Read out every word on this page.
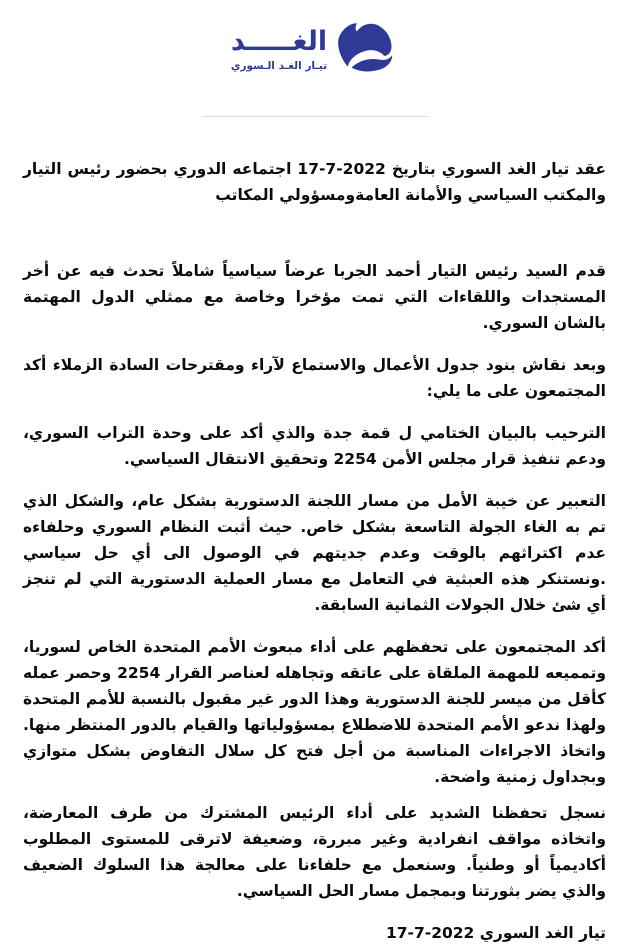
الغـــــد
تيـار الغـد الـسوري

عقد تيار الغد السوري بتاريخ 2022-7-17 اجتماعه الدوري بحضور رئيس التيار والمكتب السياسي والأمانة العامةومسؤولي المكاتب

قدم السيد رئيس التيار أحمد الجربا عرضاً سياسياً شاملاً تحدث فيه عن أخر المستجدات واللقاءات التي تمت مؤخرا وخاصة مع ممثلي الدول المهتمة بالشان السوري.

وبعد نقاش بنود جدول الأعمال والاستماع لآراء ومقترحات السادة الزملاء أكد المجتمعون على ما يلي:

الترحيب بالبيان الختامي ل قمة جدة والذي أكد على وحدة التراب السوري، ودعم تنفيذ قرار مجلس الأمن 2254 وتحقيق الانتقال السياسي.

التعبير عن خيبة الأمل من مسار اللجنة الدستورية بشكل عام، والشكل الذي تم به الغاء الجولة التاسعة بشكل خاص. حيث أثبت النظام السوري وحلفاءه عدم اكتراثهم بالوقت وعدم جديتهم في الوصول الى أي حل سياسي .ونستنكر هذه العبثية في التعامل مع مسار العملية الدستورية التي لم تنجز أي شئ خلال الجولات الثمانية السابقة.

أكد المجتمعون على تحفظهم على أداء مبعوث الأمم المتحدة الخاص لسوريا، وتمميعه للمهمة الملقاة على عاتقه وتجاهله لعناصر القرار 2254 وحصر عمله كأقل من ميسر للجنة الدستورية وهذا الدور غير مقبول بالنسبة للأمم المتحدة ولهذا ندعو الأمم المتحدة للاضطلاع بمسؤولياتها والقيام بالدور المنتظر منها. واتخاذ الاجراءات المناسبة من أجل فتح كل سلال التفاوض بشكل متوازي وبجداول زمنية واضحة.

نسجل تحفظنا الشديد على أداء الرئيس المشترك من طرف المعارضة، واتخاذه مواقف انفرادية وغير مبررة، وضعيفة لاترقى للمستوى المطلوب أكاديمياً أو وطنياً. وسنعمل مع حلفاءنا على معالجة هذا السلوك الضعيف والذي يضر بثورتنا وبمجمل مسار الحل السياسي.

تيار الغد السوري 2022-7-17
